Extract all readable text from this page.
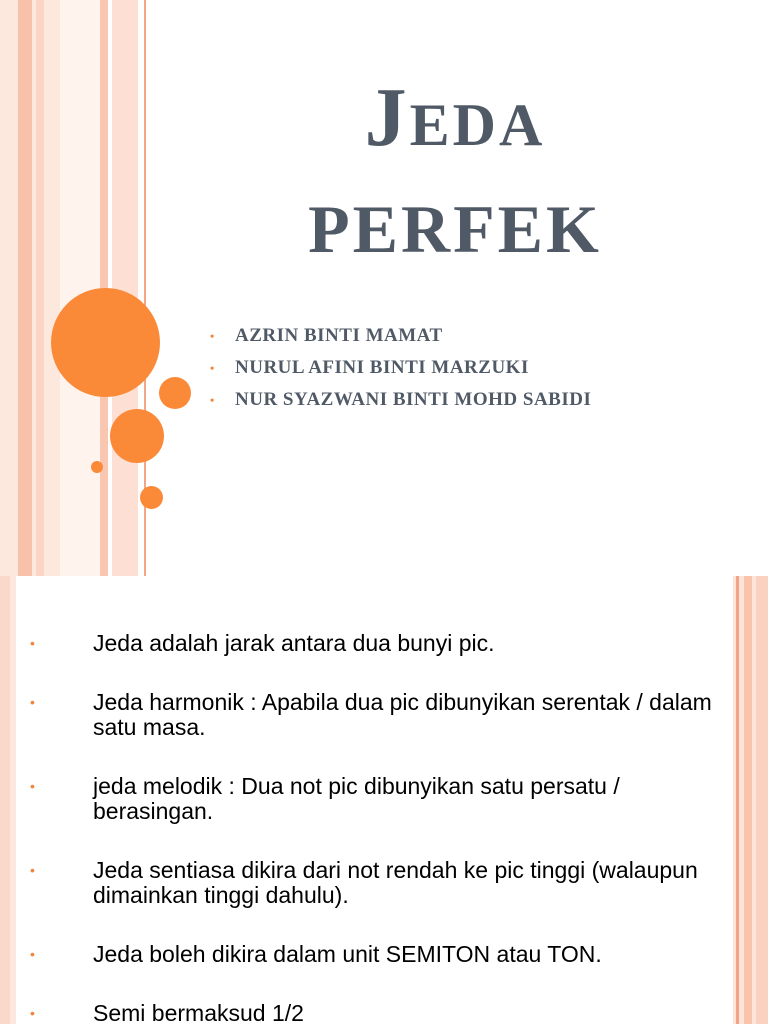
JEDA
PERFEK
• AZRIN BINTI MAMAT
• NURUL AFINI BINTI MARZUKI
• NUR SYAZWANI BINTI MOHD SABIDI
•	Jeda adalah jarak antara dua bunyi pic.
•	Jeda harmonik : Apabila dua pic dibunyikan serentak / dalam satu masa.
•	jeda melodik : Dua not pic dibunyikan satu persatu / berasingan.
•	Jeda sentiasa dikira dari not rendah ke pic tinggi (walaupun dimainkan tinggi dahulu).
•	Jeda boleh dikira dalam unit SEMITON atau TON.
•	Semi bermaksud 1/2
